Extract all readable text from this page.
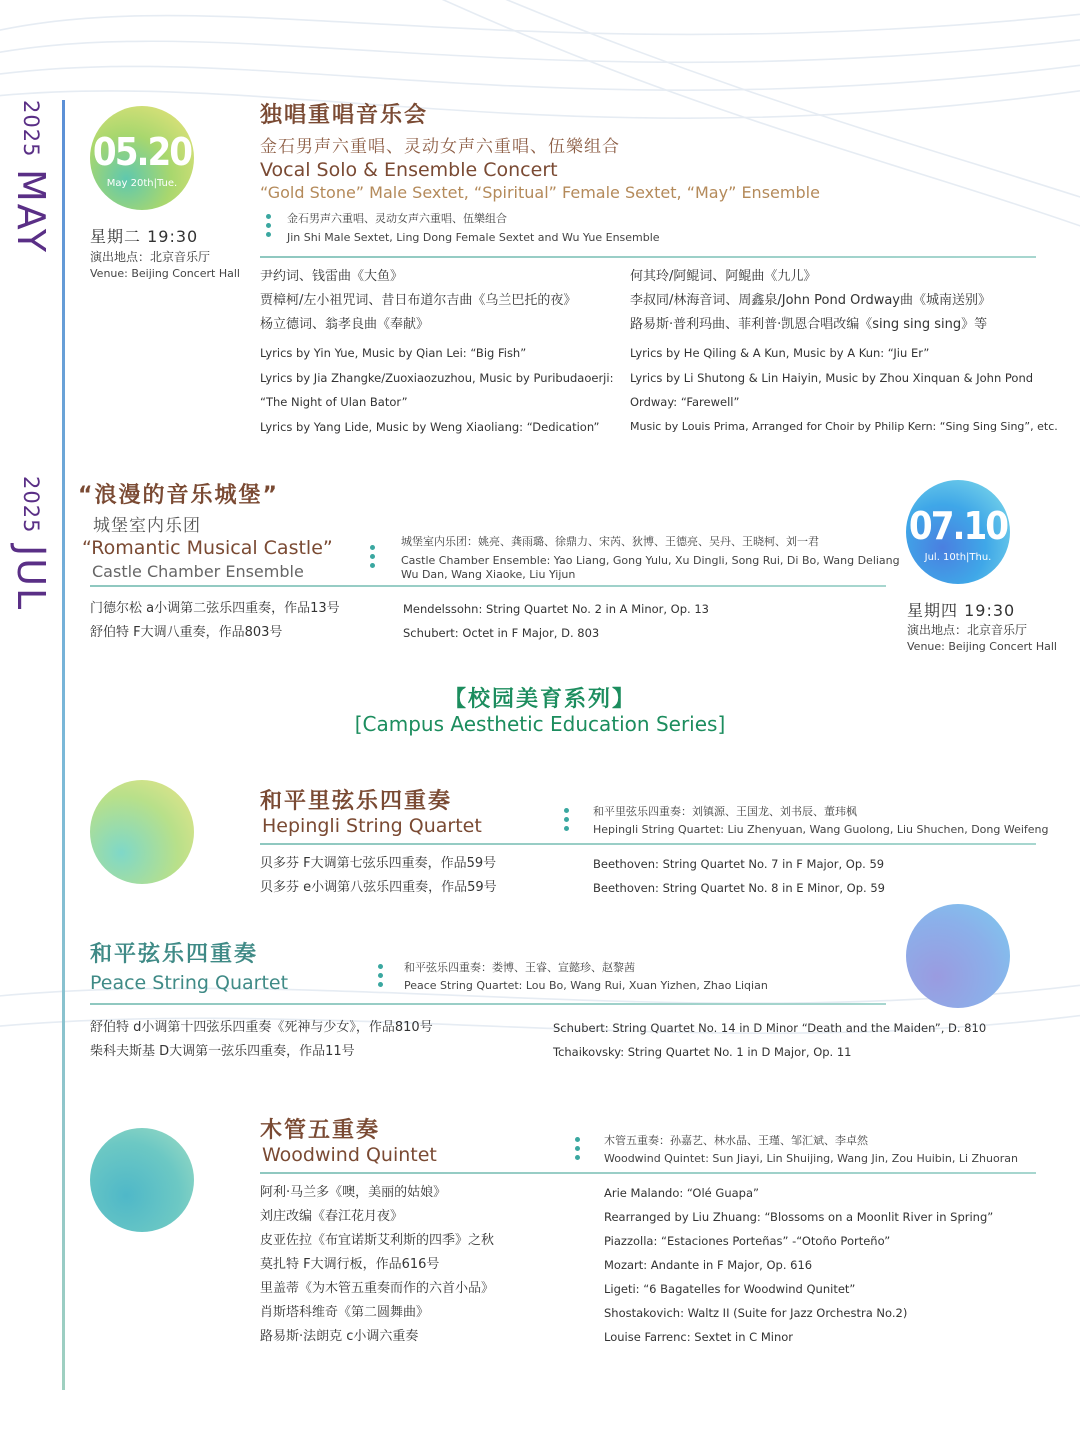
2025 MAY
2025 JUL
05.20
May 20th|Tue.
独唱重唱音乐会
金石男声六重唱、灵动女声六重唱、伍樂组合
Vocal Solo & Ensemble Concert
“Gold Stone” Male Sextet, “Spiritual” Female Sextet, “May” Ensemble
金石男声六重唱、灵动女声六重唱、伍樂组合
Jin Shi Male Sextet, Ling Dong Female Sextet and Wu Yue Ensemble
星期二 19:30
演出地点：北京音乐厅
Venue: Beijing Concert Hall 尹约词、钱雷曲《大鱼》
贾樟柯/左小祖咒词、昔日布道尔吉曲《乌兰巴托的夜》
杨立德词、翁孝良曲《奉献》
何其玲/阿鲲词、阿鲲曲《九儿》
李叔同/林海音词、周鑫泉/John Pond Ordway曲《城南送别》
路易斯·普利玛曲、菲利普·凯恩合唱改编《sing sing sing》等
Lyrics by Yin Yue, Music by Qian Lei: “Big Fish”
Lyrics by Jia Zhangke/Zuoxiaozuzhou, Music by Puribudaoerji:
“The Night of Ulan Bator”
Lyrics by Yang Lide, Music by Weng Xiaoliang: “Dedication”
Lyrics by He Qiling & A Kun, Music by A Kun: “Jiu Er”
Lyrics by Li Shutong & Lin Haiyin, Music by Zhou Xinquan & John Pond
Ordway: “Farewell”
Music by Louis Prima, Arranged for Choir by Philip Kern: “Sing Sing Sing”, etc.
“浪漫的音乐城堡”
城堡室内乐团
“Romantic Musical Castle”
Castle Chamber Ensemble
城堡室内乐团：姚亮、龚雨璐、徐鼎力、宋芮、狄博、王德亮、吴丹、王晓柯、刘一君
Castle Chamber Ensemble: Yao Liang, Gong Yulu, Xu Dingli, Song Rui, Di Bo, Wang Deliang
Wu Dan, Wang Xiaoke, Liu Yijun
07.10
Jul. 10th|Thu.
星期四 19:30
演出地点：北京音乐厅
Venue: Beijing Concert Hall
门德尔松 a小调第二弦乐四重奏，作品13号
舒伯特 F大调八重奏，作品803号
Mendelssohn: String Quartet No. 2 in A Minor, Op. 13
Schubert: Octet in F Major, D. 803
【校园美育系列】
[Campus Aesthetic Education Series]
和平里弦乐四重奏
Hepingli String Quartet
和平里弦乐四重奏：刘镇源、王国龙、刘书辰、董玮枫
Hepingli String Quartet: Liu Zhenyuan, Wang Guolong, Liu Shuchen, Dong Weifeng
贝多芬 F大调第七弦乐四重奏，作品59号
贝多芬 e小调第八弦乐四重奏，作品59号
Beethoven: String Quartet No. 7 in F Major, Op. 59
Beethoven: String Quartet No. 8 in E Minor, Op. 59
和平弦乐四重奏
Peace String Quartet
和平弦乐四重奏：娄博、王睿、宣懿珍、赵黎茜
Peace String Quartet: Lou Bo, Wang Rui, Xuan Yizhen, Zhao Liqian
舒伯特 d小调第十四弦乐四重奏《死神与少女》，作品810号
柴科夫斯基 D大调第一弦乐四重奏，作品11号
Schubert: String Quartet No. 14 in D Minor “Death and the Maiden”, D. 810
Tchaikovsky: String Quartet No. 1 in D Major, Op. 11
木管五重奏
Woodwind Quintet
木管五重奏：孙嘉艺、林水晶、王瑾、邹汇斌、李卓然
Woodwind Quintet: Sun Jiayi, Lin Shuijing, Wang Jin, Zou Huibin, Li Zhuoran
阿利·马兰多《噢，美丽的姑娘》
刘庄改编《春江花月夜》
皮亚佐拉《布宜诺斯艾利斯的四季》之秋
莫扎特 F大调行板，作品616号
里盖蒂《为木管五重奏而作的六首小品》
肖斯塔科维奇《第二圆舞曲》
路易斯·法朗克 c小调六重奏
Arie Malando: “Olé Guapa”
Rearranged by Liu Zhuang: “Blossoms on a Moonlit River in Spring”
Piazzolla: “Estaciones Porteñas” -“Otoño Porteño”
Mozart: Andante in F Major, Op. 616
Ligeti: “6 Bagatelles for Woodwind Qunitet”
Shostakovich: Waltz II (Suite for Jazz Orchestra No.2)
Louise Farrenc: Sextet in C Minor
